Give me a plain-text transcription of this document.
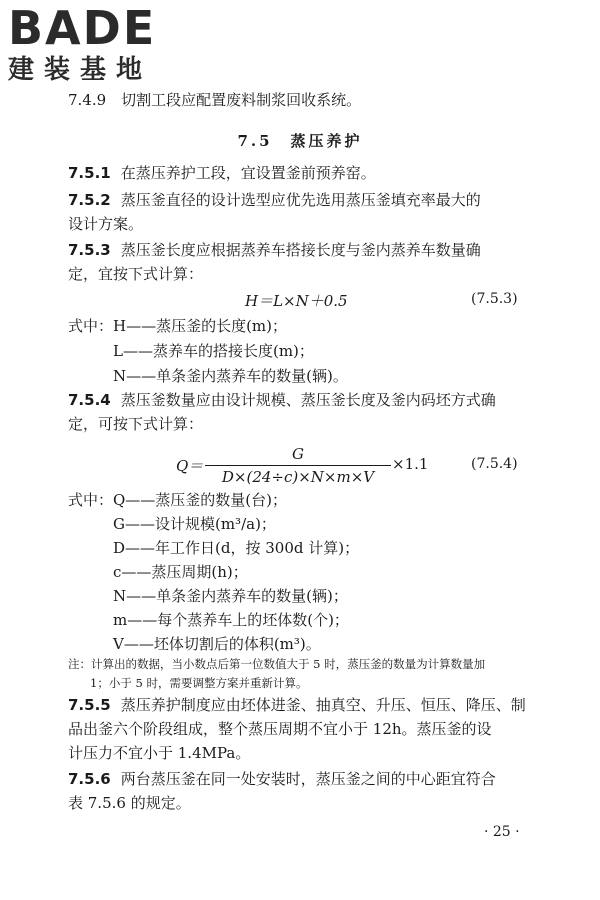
BADE
建装基地
7.4.9　切割工段应配置废料制浆回收系统。
7.5　蒸压养护
7.5.1 在蒸压养护工段，宜设置釜前预养窑。
7.5.2 蒸压釜直径的设计选型应优先选用蒸压釜填充率最大的
设计方案。
7.5.3 蒸压釜长度应根据蒸养车搭接长度与釜内蒸养车数量确
定，宜按下式计算：
H＝L×N＋0.5	(7.5.3)
式中：H——蒸压釜的长度(m)；
L——蒸养车的搭接长度(m)；
N——单条釜内蒸养车的数量(辆)。
7.5.4 蒸压釜数量应由设计规模、蒸压釜长度及釜内码坯方式确
定，可按下式计算：
$Q= \frac{G}{D\times(24\div c)\times N\times m\times V} \times 1.1$	(7.5.4)
式中：Q——蒸压釜的数量(台)；
G——设计规模(m³/a)；
D——年工作日(d，按 300d 计算)；
c——蒸压周期(h)；
N——单条釜内蒸养车的数量(辆)；
m——每个蒸养车上的坯体数(个)；
V——坯体切割后的体积(m³)。
注：计算出的数据，当小数点后第一位数值大于 5 时，蒸压釜的数量为计算数量加
1；小于 5 时，需要调整方案并重新计算。
7.5.5 蒸压养护制度应由坯体进釜、抽真空、升压、恒压、降压、制
品出釜六个阶段组成，整个蒸压周期不宜小于 12h。蒸压釜的设
计压力不宜小于 1.4MPa。
7.5.6 两台蒸压釜在同一处安装时，蒸压釜之间的中心距宜符合
表 7.5.6 的规定。
· 25 ·
